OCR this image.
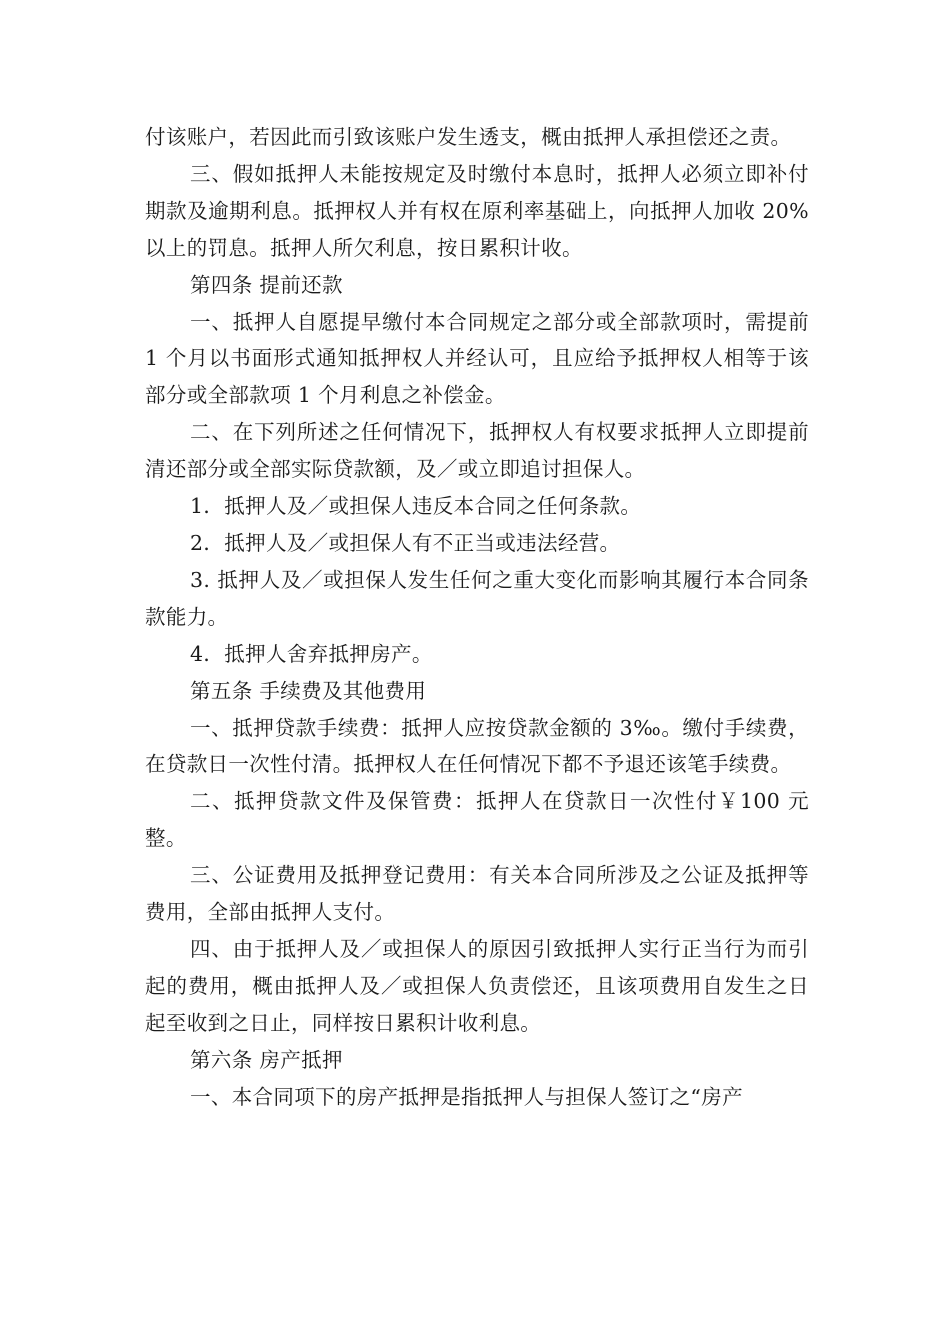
付该账户，若因此而引致该账户发生透支，概由抵押人承担偿还之责。

三、假如抵押人未能按规定及时缴付本息时，抵押人必须立即补付期款及逾期利息。抵押权人并有权在原利率基础上，向抵押人加收 20%以上的罚息。抵押人所欠利息，按日累积计收。

第四条 提前还款

一、抵押人自愿提早缴付本合同规定之部分或全部款项时，需提前 1 个月以书面形式通知抵押权人并经认可，且应给予抵押权人相等于该部分或全部款项 1 个月利息之补偿金。

二、在下列所述之任何情况下，抵押权人有权要求抵押人立即提前清还部分或全部实际贷款额，及／或立即追讨担保人。

1．抵押人及／或担保人违反本合同之任何条款。

2．抵押人及／或担保人有不正当或违法经营。

3. 抵押人及／或担保人发生任何之重大变化而影响其履行本合同条款能力。

4．抵押人舍弃抵押房产。

第五条 手续费及其他费用

一、抵押贷款手续费：抵押人应按贷款金额的 3‰。缴付手续费，在贷款日一次性付清。抵押权人在任何情况下都不予退还该笔手续费。

二、抵押贷款文件及保管费：抵押人在贷款日一次性付￥100 元整。

三、公证费用及抵押登记费用：有关本合同所涉及之公证及抵押等费用，全部由抵押人支付。

四、由于抵押人及／或担保人的原因引致抵押人实行正当行为而引起的费用，概由抵押人及／或担保人负责偿还，且该项费用自发生之日起至收到之日止，同样按日累积计收利息。

第六条 房产抵押

一、本合同项下的房产抵押是指抵押人与担保人签订之“房产
